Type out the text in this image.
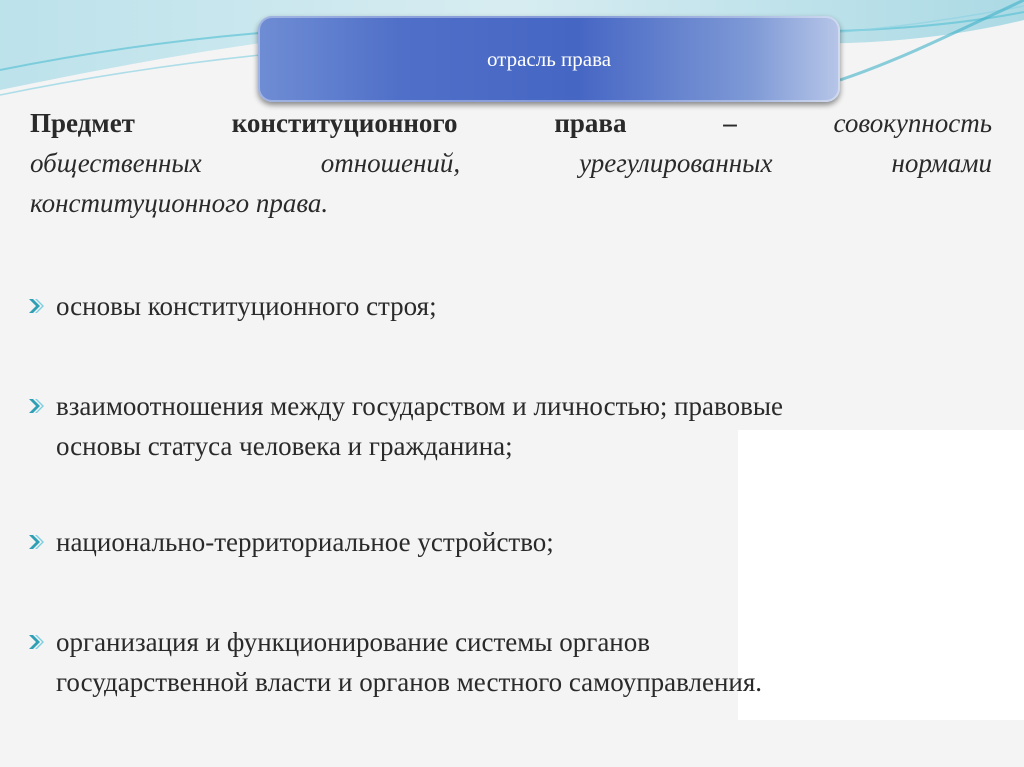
отрасль права
Предмет	конституционного	права	–	совокупность
общественных	отношений,	урегулированных	нормами
конституционного права.
основы конституционного строя;
взаимоотношения между государством и личностью; правовые
основы статуса человека и гражданина;
национально-территориальное устройство;
организация и функционирование системы органов
государственной власти и органов местного самоуправления.
